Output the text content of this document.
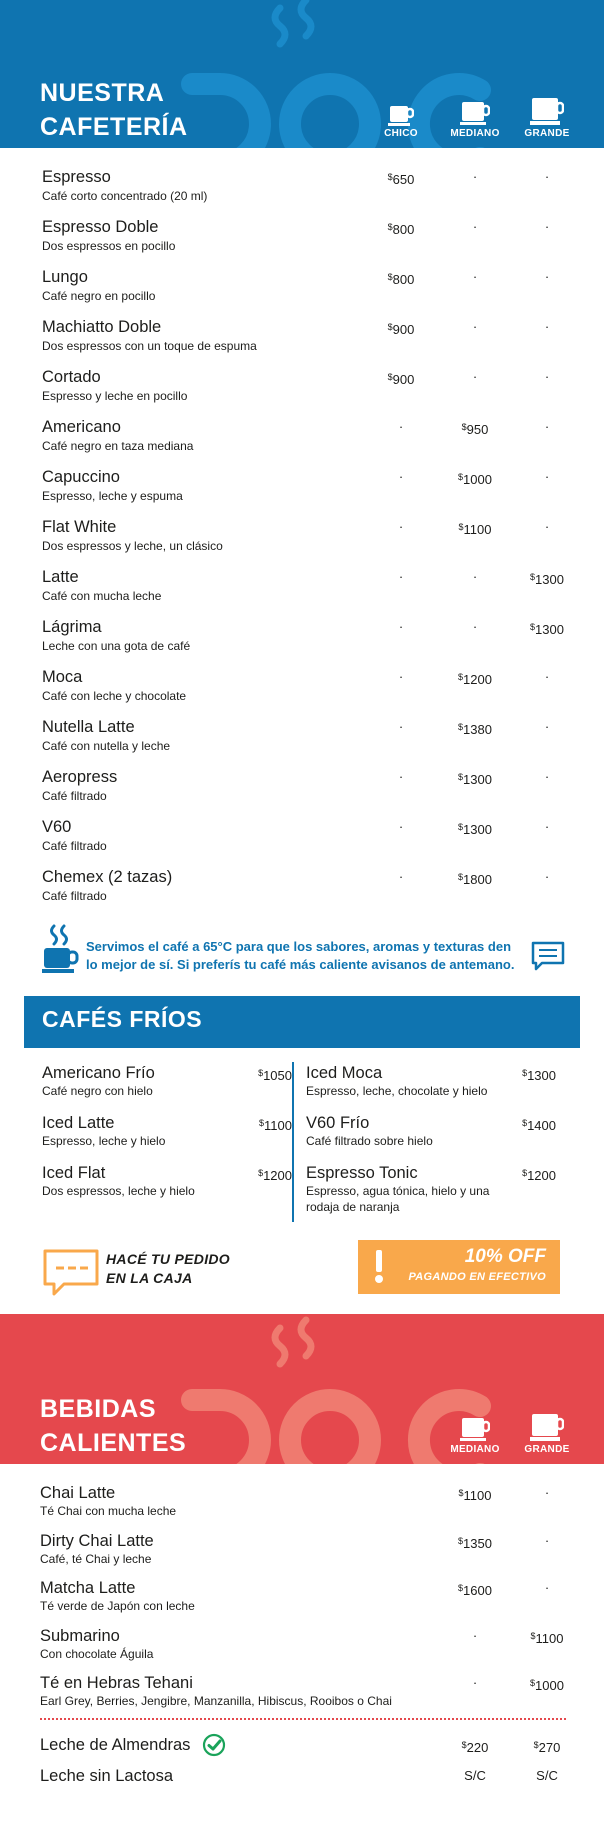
NUESTRA
CAFETERÍA	CHICO	MEDIANO GRANDE
Espresso
Café corto concentrado (20 ml)
$650	·	·
Espresso Doble
Dos espressos en pocillo
$800	·	·
Lungo
Café negro en pocillo
$800	·	·
Machiatto Doble
Dos espressos con un toque de espuma
$900	·	·
Cortado
Espresso y leche en pocillo
$900	·	·
Americano
Café negro en taza mediana
·	$950	·
Capuccino
Espresso, leche y espuma
·	$1000	·
Flat White
Dos espressos y leche, un clásico
·	$1100	·
Latte
Café con mucha leche
·	·	$1300
Lágrima
Leche con una gota de café
·	·	$1300
Moca
Café con leche y chocolate
·	$1200	·
Nutella Latte
Café con nutella y leche
·	$1380	·
Aeropress
Café filtrado
·	$1300	·
V60
Café filtrado
·	$1300	·
Chemex (2 tazas)
Café filtrado
·	$1800	·
Servimos el café a 65°C para que los sabores, aromas y texturas den
lo mejor de sí. Si preferís tu café más caliente avisanos de antemano.
CAFÉS FRÍOS
Americano Frío
Café negro con hielo
$1050
Iced Latte
Espresso, leche y hielo
$1100
Iced Flat
Dos espressos, leche y hielo
$1200
Iced Moca
Espresso, leche, chocolate y hielo
$1300
V60 Frío
Café filtrado sobre hielo
$1400
Espresso Tonic
Espresso, agua tónica, hielo y una rodaja de naranja
$1200
HACÉ TU PEDIDO
EN LA CAJA
10% OFF
PAGANDO EN EFECTIVO
BEBIDAS
CALIENTES	MEDIANO GRANDE
Chai Latte
Té Chai con mucha leche
$1100	·
Dirty Chai Latte
Café, té Chai y leche
$1350	·
Matcha Latte
Té verde de Japón con leche
$1600	·
Submarino
Con chocolate Águila
·	$1100
Té en Hebras Tehani
Earl Grey, Berries, Jengibre, Manzanilla, Hibiscus, Rooibos o Chai
·	$1000
Leche de Almendras	$220	$270
Leche sin Lactosa	S/C	S/C
